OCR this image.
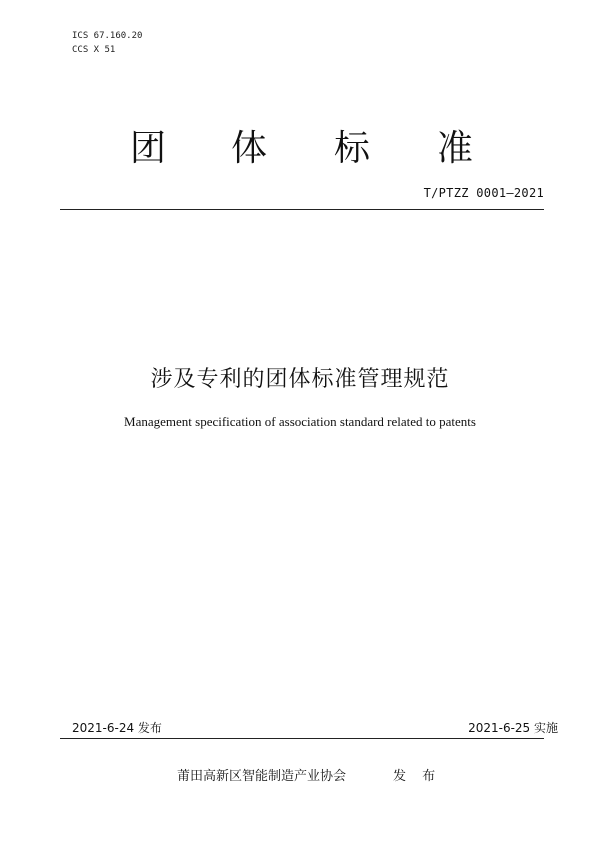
ICS 67.160.20
CCS X 51
团 体 标 准
T/PTZZ 0001—2021
涉及专利的团体标准管理规范
Management specification of association standard related to patents
2021-6-24 发布	2021-6-25 实施
莆田高新区智能制造产业协会	发 布
